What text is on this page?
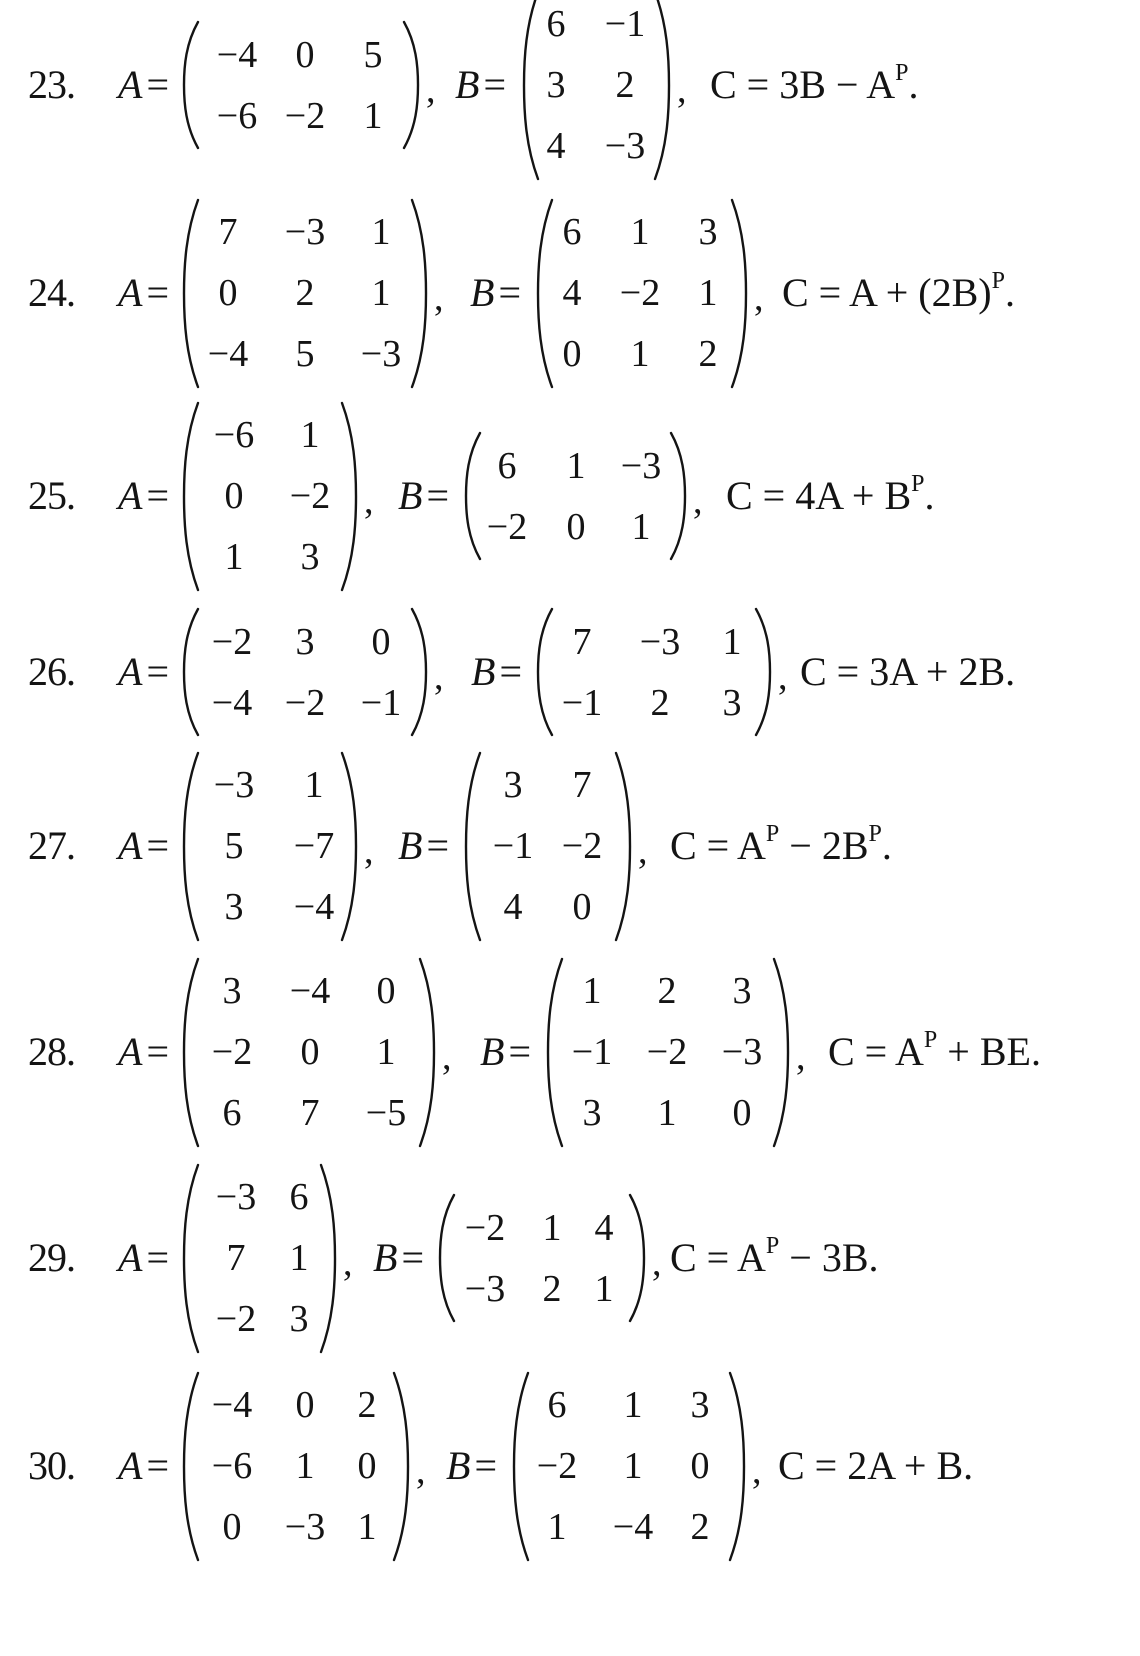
23. A =
−4 0 5
−6 −2 1
, B =
6 −1
3 2
4 −3
, $C = 3B - A^P$.
24. A =
7 −3 1
0 2 1
−4 5 −3
, B =
6 1 3
4 −2 1
0 1 2
, $C = A + (2B)^P$.
25. A =
−6 1
0 −2
1 3
, B =
6 1 −3
−2 0 1
, $C = 4A + B^P$.
26. A =
−2 3 0
−4 −2 −1
, B =
7 −3 1
−1 2 3
, C = 3A + 2B.
27. A =
−3 1
5 −7
3 −4
, B =
3 7
−1 −2
4 0
, $C = A^P - 2B^P$.
28. A =
3 −4 0
−2 0 1
6 7 −5
, B =
1 2 3
−1 −2 −3
3 1 0
, $C = A^P$ + BE.
29. A =
−3 6
7 1
−2 3
, B =
−2 1 4
−3 2 1
, $C = A^P - 3B$.
30. A =
−4 0 2
−6 1 0
0 −3 1
, B =
6 1 3
−2 1 0
1 −4 2
, C = 2A + B.
